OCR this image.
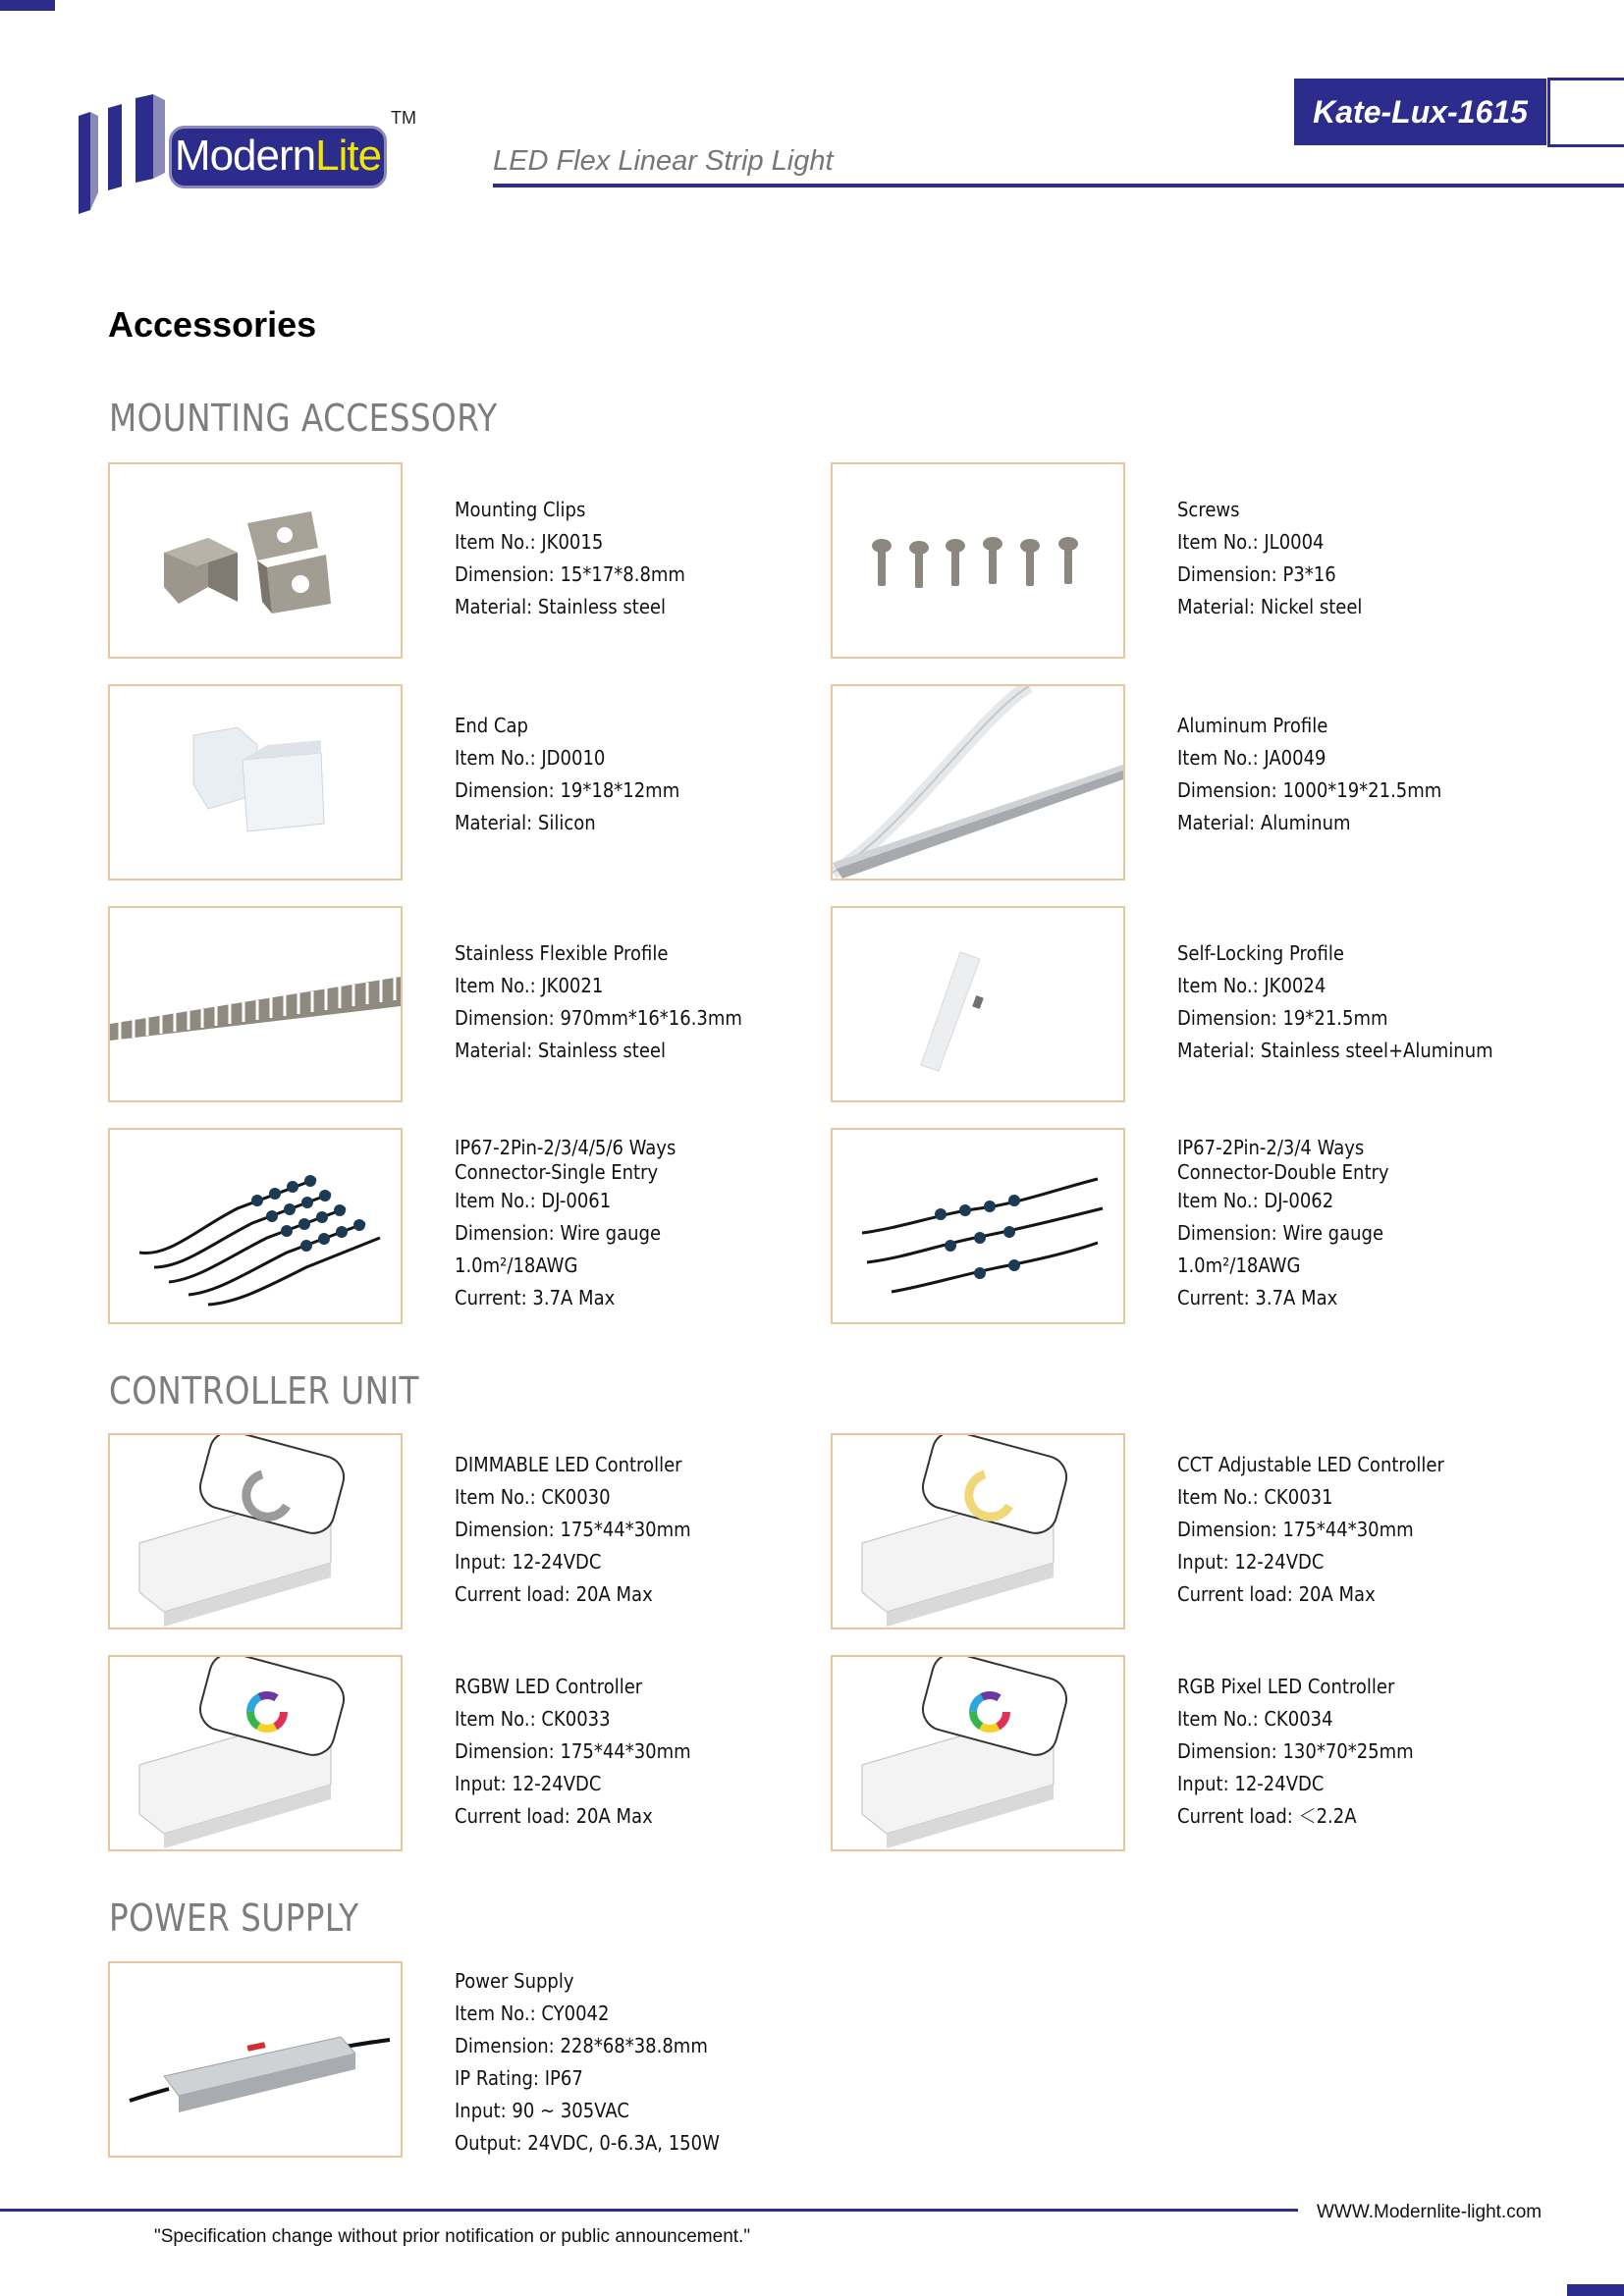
ModernLite
TM
LED Flex Linear Strip Light
Kate-Lux-1615
Accessories
MOUNTING ACCESSORY
Mounting Clips
Item No.: JK0015
Dimension: 15*17*8.8mm
Material: Stainless steel
Screws
Item No.: JL0004
Dimension: P3*16
Material: Nickel steel
End Cap
Item No.: JD0010
Dimension: 19*18*12mm
Material: Silicon
Aluminum Profile
Item No.: JA0049
Dimension: 1000*19*21.5mm
Material: Aluminum
Stainless Flexible Profile
Item No.: JK0021
Dimension: 970mm*16*16.3mm
Material: Stainless steel
Self-Locking Profile
Item No.: JK0024
Dimension: 19*21.5mm
Material: Stainless steel+Aluminum
IP67-2Pin-2/3/4/5/6 Ways
Connector-Single Entry
Item No.: DJ-0061
Dimension: Wire gauge
1.0m²/18AWG
Current: 3.7A Max
IP67-2Pin-2/3/4 Ways
Connector-Double Entry
Item No.: DJ-0062
Dimension: Wire gauge
1.0m²/18AWG
Current: 3.7A Max
CONTROLLER UNIT
DIMMABLE LED Controller
Item No.: CK0030
Dimension: 175*44*30mm
Input: 12-24VDC
Current load: 20A Max
CCT Adjustable LED Controller
Item No.: CK0031
Dimension: 175*44*30mm
Input: 12-24VDC
Current load: 20A Max
RGBW LED Controller
Item No.: CK0033
Dimension: 175*44*30mm
Input: 12-24VDC
Current load: 20A Max
RGB Pixel LED Controller
Item No.: CK0034
Dimension: 130*70*25mm
Input: 12-24VDC
Current load: ＜2.2A
POWER SUPPLY
Power Supply
Item No.: CY0042
Dimension: 228*68*38.8mm
IP Rating: IP67
Input: 90 ~ 305VAC
Output: 24VDC, 0-6.3A, 150W
WWW.Modernlite-light.com
"Specification change without prior notification or public announcement."
